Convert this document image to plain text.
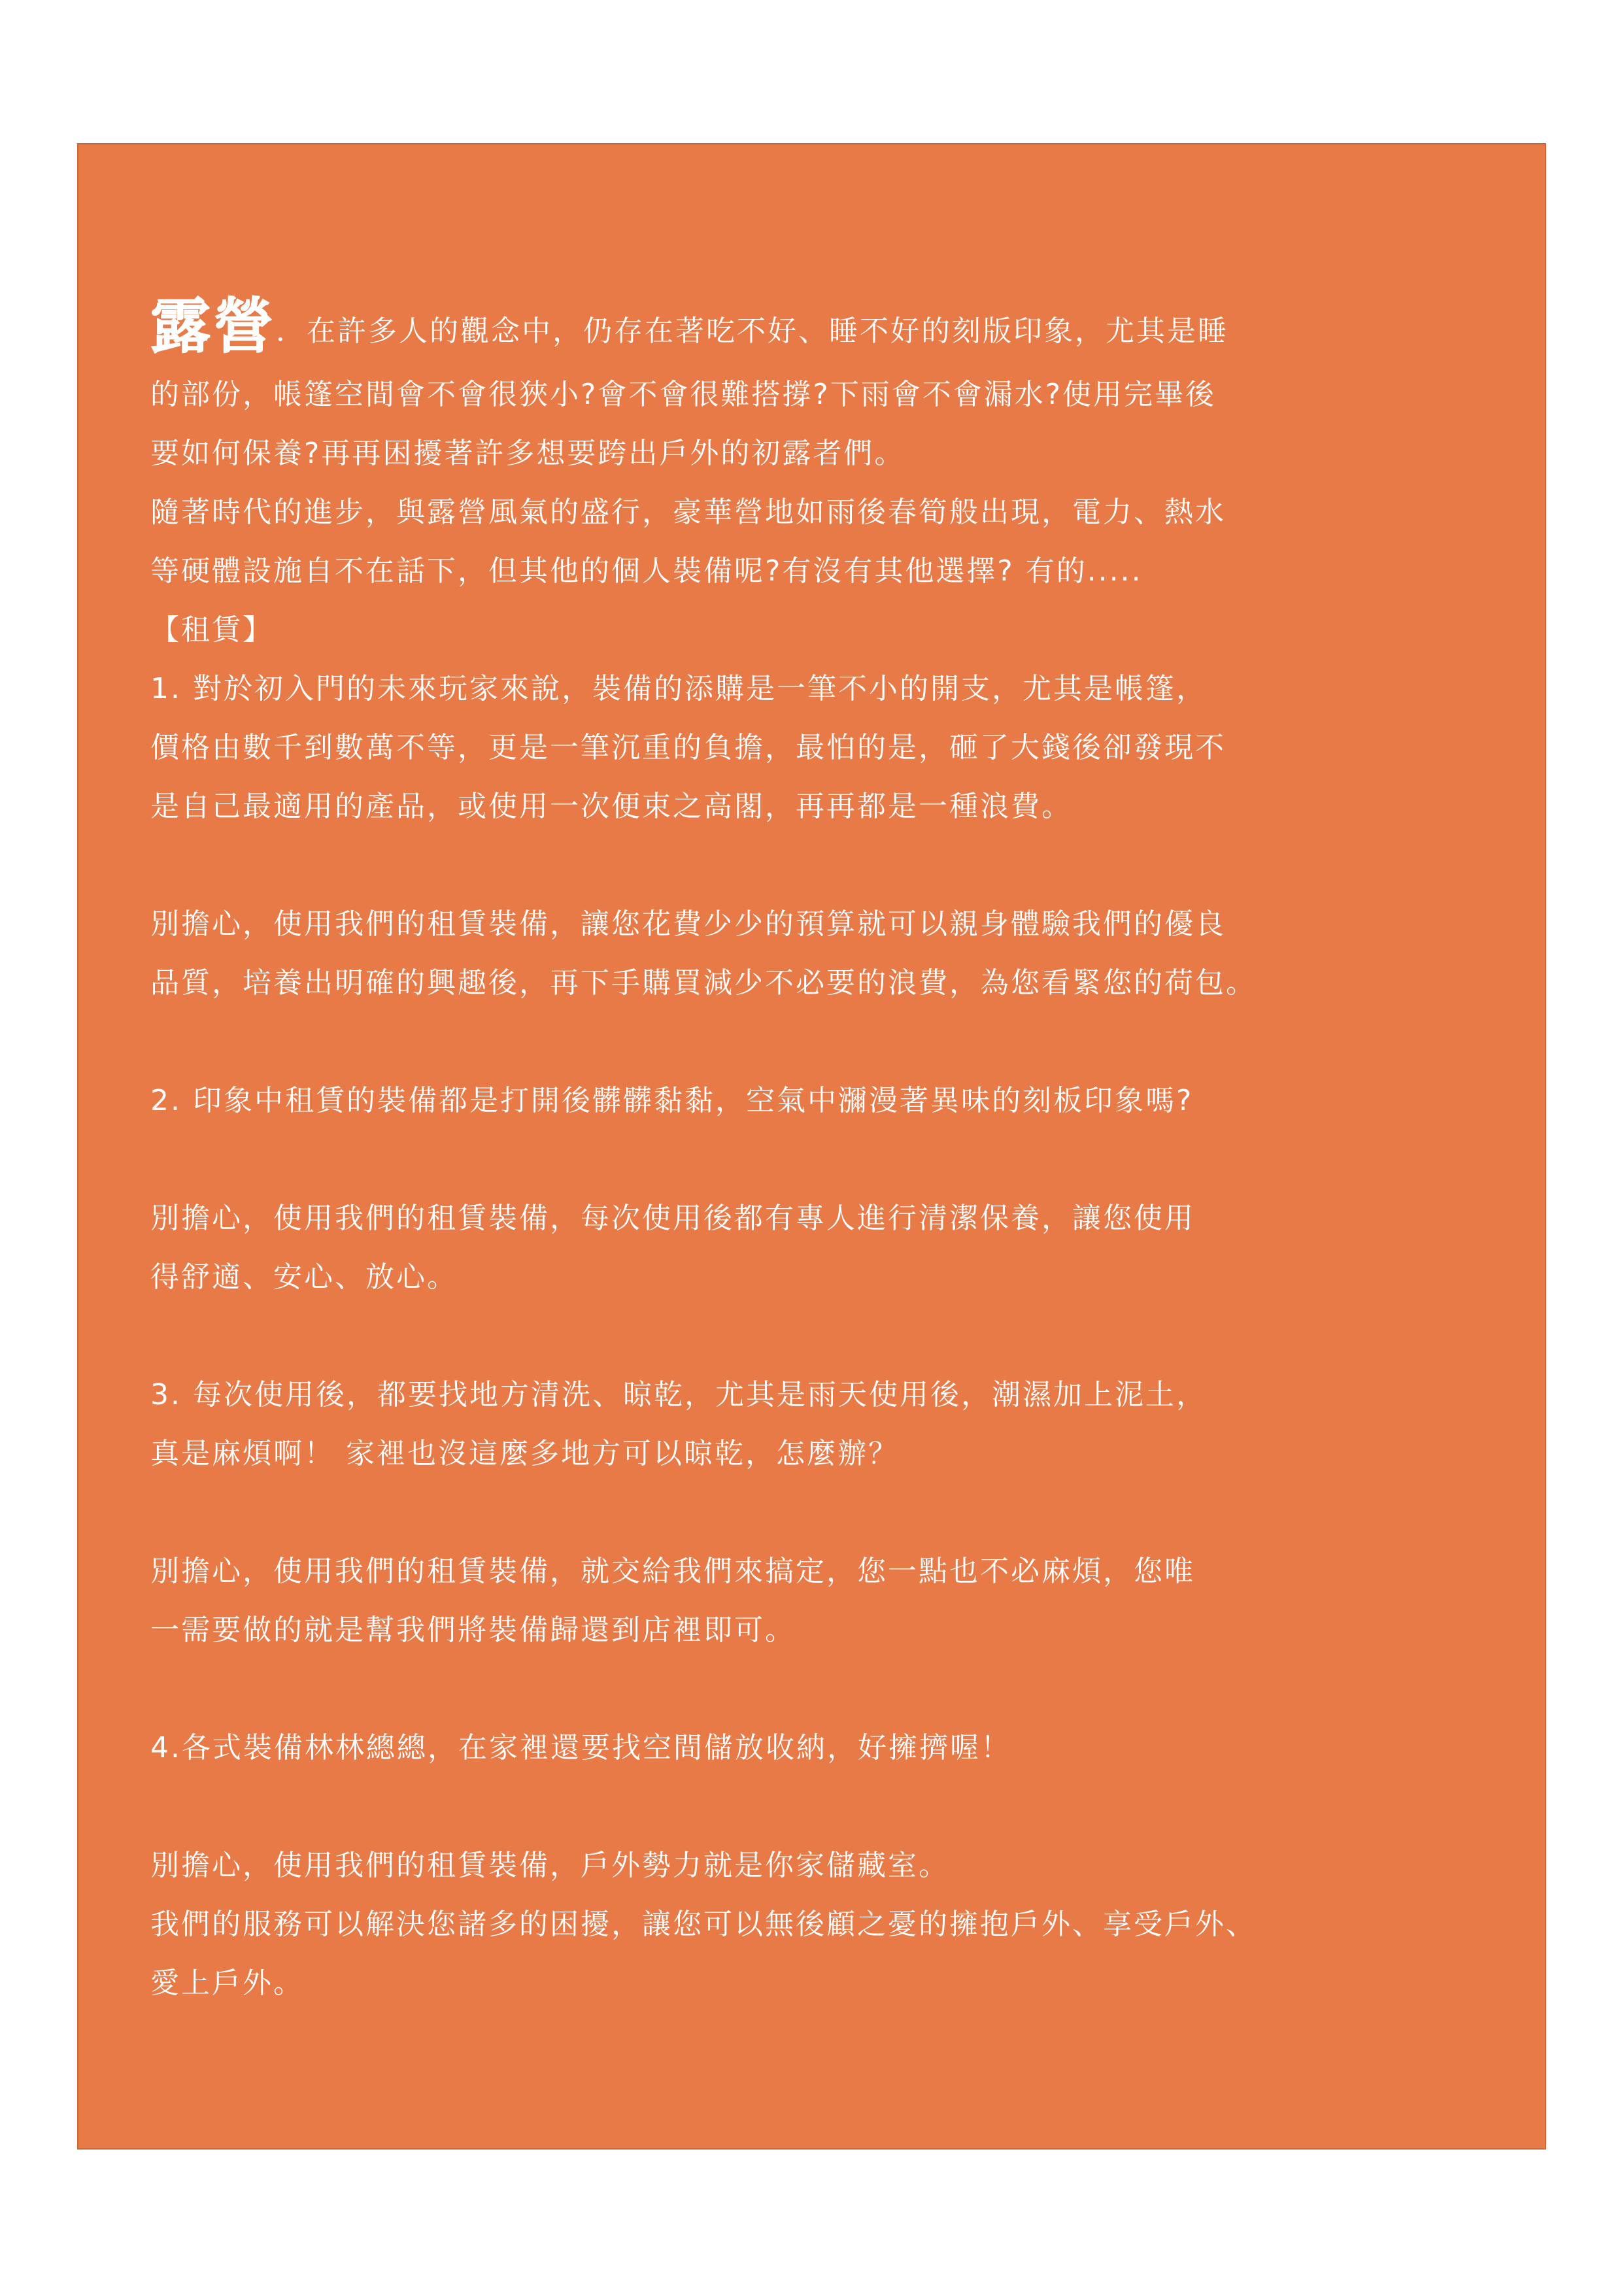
露營．在許多人的觀念中，仍存在著吃不好、睡不好的刻版印象，尤其是睡
的部份，帳篷空間會不會很狹小?會不會很難搭撐?下雨會不會漏水?使用完畢後
要如何保養?再再困擾著許多想要跨出戶外的初露者們。
隨著時代的進步，與露營風氣的盛行，豪華營地如雨後春筍般出現，電力、熱水
等硬體設施自不在話下，但其他的個人裝備呢?有沒有其他選擇? 有的.....
【租賃】
1. 對於初入門的未來玩家來說，裝備的添購是一筆不小的開支，尤其是帳篷，
價格由數千到數萬不等，更是一筆沉重的負擔，最怕的是，砸了大錢後卻發現不
是自己最適用的產品，或使用一次便束之高閣，再再都是一種浪費。
別擔心，使用我們的租賃裝備，讓您花費少少的預算就可以親身體驗我們的優良
品質，培養出明確的興趣後，再下手購買減少不必要的浪費，為您看緊您的荷包。
2. 印象中租賃的裝備都是打開後髒髒黏黏，空氣中瀰漫著異味的刻板印象嗎?
別擔心，使用我們的租賃裝備，每次使用後都有專人進行清潔保養，讓您使用
得舒適、安心、放心。
3. 每次使用後，都要找地方清洗、晾乾，尤其是雨天使用後，潮濕加上泥土，
真是麻煩啊！ 家裡也沒這麼多地方可以晾乾，怎麼辦？
別擔心，使用我們的租賃裝備，就交給我們來搞定，您一點也不必麻煩，您唯
一需要做的就是幫我們將裝備歸還到店裡即可。
4.各式裝備林林總總，在家裡還要找空間儲放收納，好擁擠喔！
別擔心，使用我們的租賃裝備，戶外勢力就是你家儲藏室。
我們的服務可以解決您諸多的困擾，讓您可以無後顧之憂的擁抱戶外、享受戶外、
愛上戶外。
